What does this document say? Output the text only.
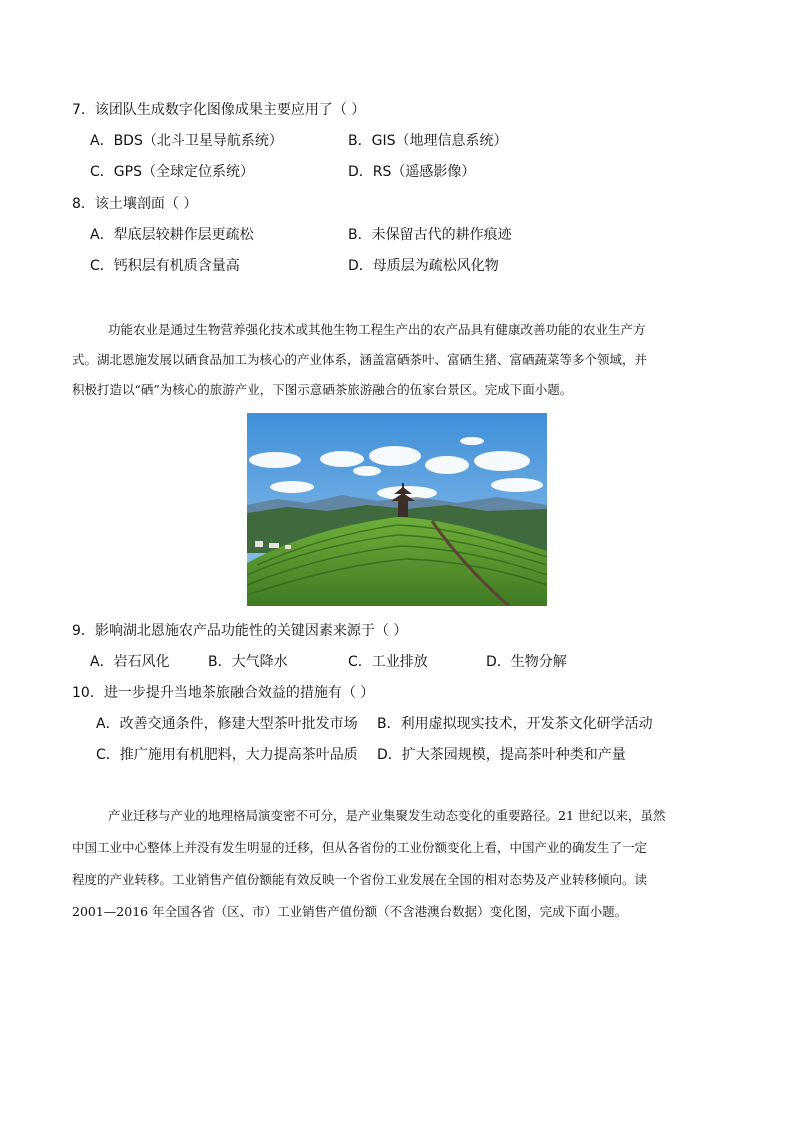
7．该团队生成数字化图像成果主要应用了（ ）
A．BDS（北斗卫星导航系统）	B．GIS（地理信息系统）
C．GPS（全球定位系统）	D．RS（遥感影像）
8．该土壤剖面（ ）
A．犁底层较耕作层更疏松	B．未保留古代的耕作痕迹
C．钙积层有机质含量高	D．母质层为疏松风化物
功能农业是通过生物营养强化技术或其他生物工程生产出的农产品具有健康改善功能的农业生产方
式。湖北恩施发展以硒食品加工为核心的产业体系，涵盖富硒茶叶、富硒生猪、富硒蔬菜等多个领域，并
积极打造以“硒”为核心的旅游产业，下图示意硒茶旅游融合的伍家台景区。完成下面小题。
9．影响湖北恩施农产品功能性的关键因素来源于（ ）
A．岩石风化	B．大气降水	C．工业排放	D．生物分解
10．进一步提升当地茶旅融合效益的措施有（ ）
A．改善交通条件，修建大型茶叶批发市场 B．利用虚拟现实技术，开发茶文化研学活动
C．推广施用有机肥料，大力提高茶叶品质 D．扩大茶园规模，提高茶叶种类和产量
产业迁移与产业的地理格局演变密不可分，是产业集聚发生动态变化的重要路径。21 世纪以来，虽然
中国工业中心整体上并没有发生明显的迁移，但从各省份的工业份额变化上看，中国产业的确发生了一定
程度的产业转移。工业销售产值份额能有效反映一个省份工业发展在全国的相对态势及产业转移倾向。读
2001—2016 年全国各省（区、市）工业销售产值份额（不含港澳台数据）变化图，完成下面小题。
